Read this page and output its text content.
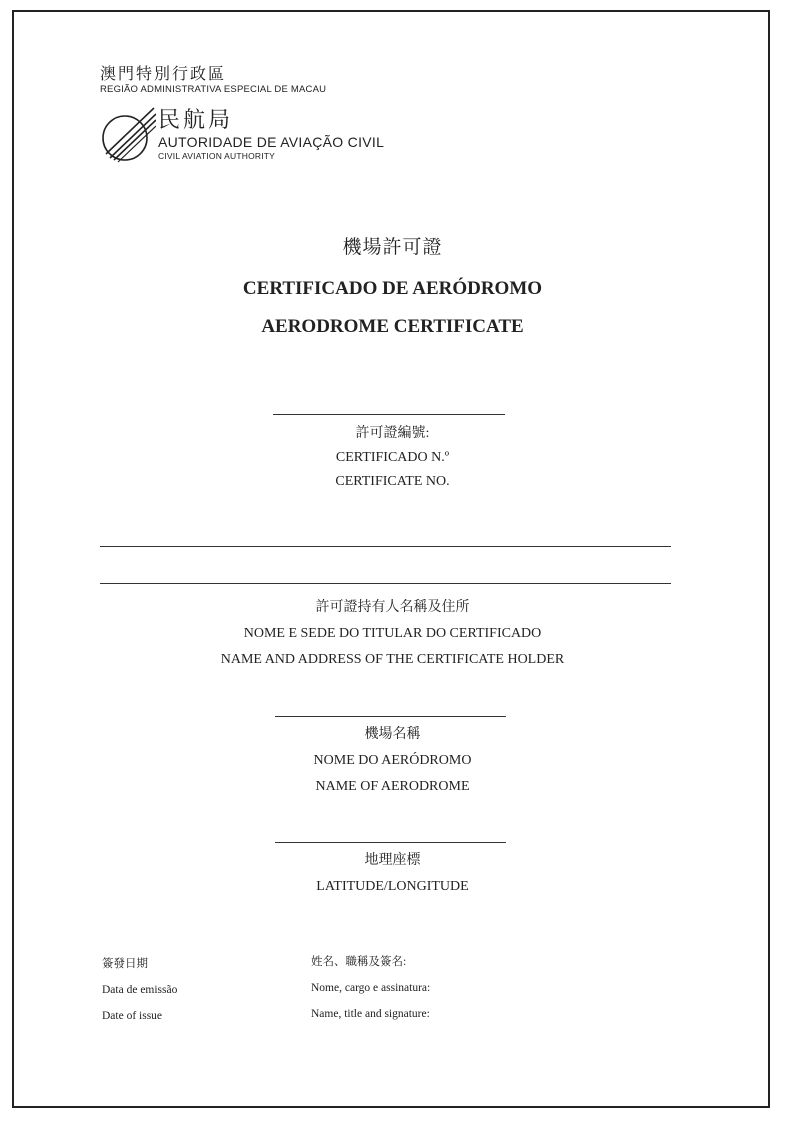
澳門特別行政區
REGIÃO ADMINISTRATIVA ESPECIAL DE MACAU
民航局
AUTORIDADE DE AVIAÇÃO CIVIL
CIVIL AVIATION AUTHORITY
機場許可證
CERTIFICADO DE AERÓDROMO
AERODROME CERTIFICATE
許可證編號:
CERTIFICADO N.º
CERTIFICATE NO.
許可證持有人名稱及住所
NOME E SEDE DO TITULAR DO CERTIFICADO
NAME AND ADDRESS OF THE CERTIFICATE HOLDER
機場名稱
NOME DO AERÓDROMO
NAME OF AERODROME
地理座標
LATITUDE/LONGITUDE
簽發日期
Data de emissão
Date of issue
姓名、職稱及簽名:
Nome, cargo e assinatura:
Name, title and signature:
